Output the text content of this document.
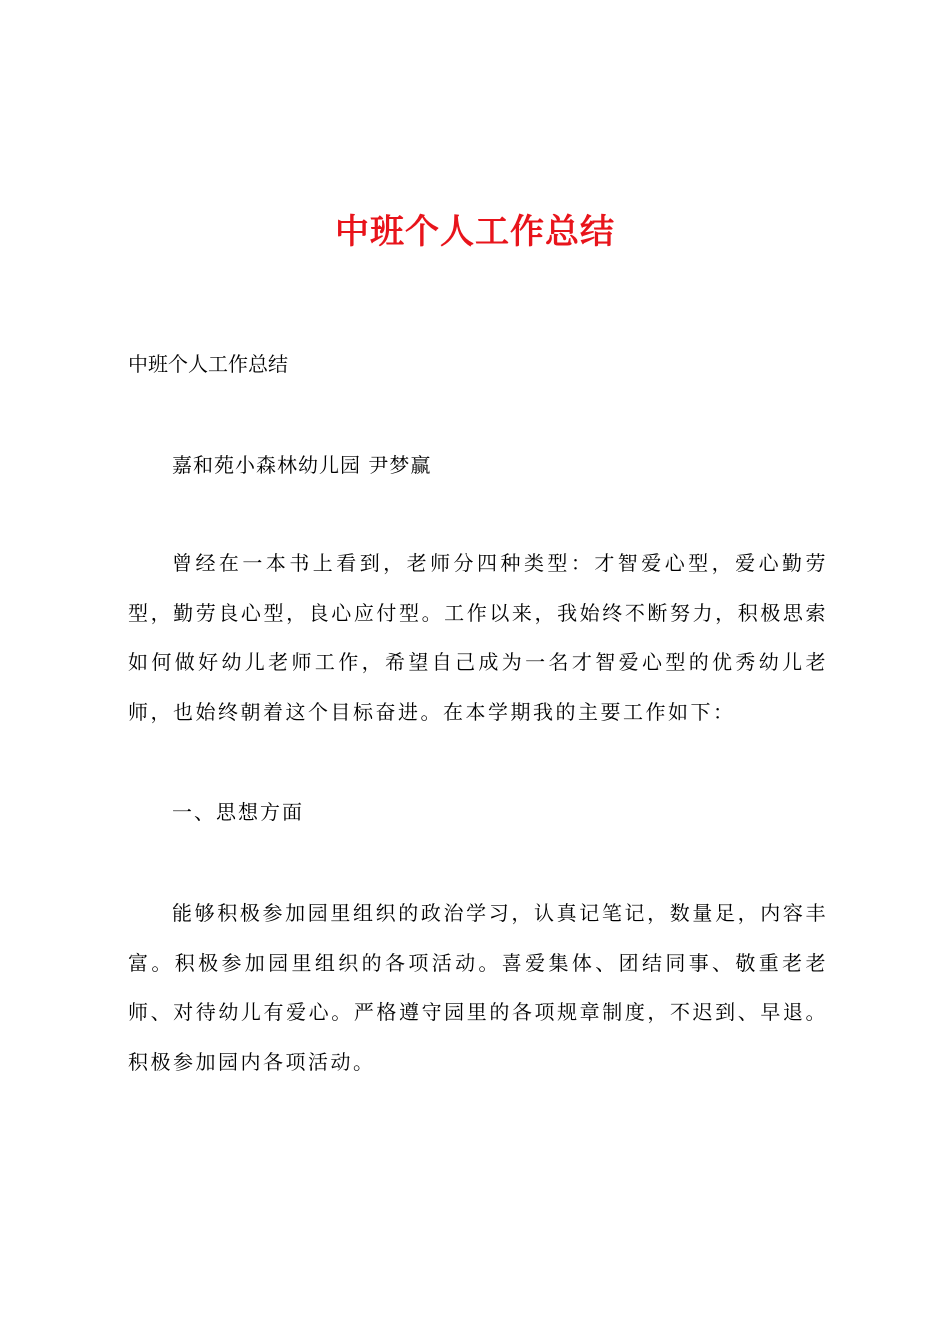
中班个人工作总结

中班个人工作总结

嘉和苑小森林幼儿园 尹梦赢

曾经在一本书上看到，老师分四种类型：才智爱心型，爱心勤劳型，勤劳良心型，良心应付型。工作以来，我始终不断努力，积极思索如何做好幼儿老师工作，希望自己成为一名才智爱心型的优秀幼儿老师，也始终朝着这个目标奋进。在本学期我的主要工作如下：

一、思想方面

能够积极参加园里组织的政治学习，认真记笔记，数量足，内容丰富。积极参加园里组织的各项活动。喜爱集体、团结同事、敬重老老师、对待幼儿有爱心。严格遵守园里的各项规章制度，不迟到、早退。积极参加园内各项活动。
